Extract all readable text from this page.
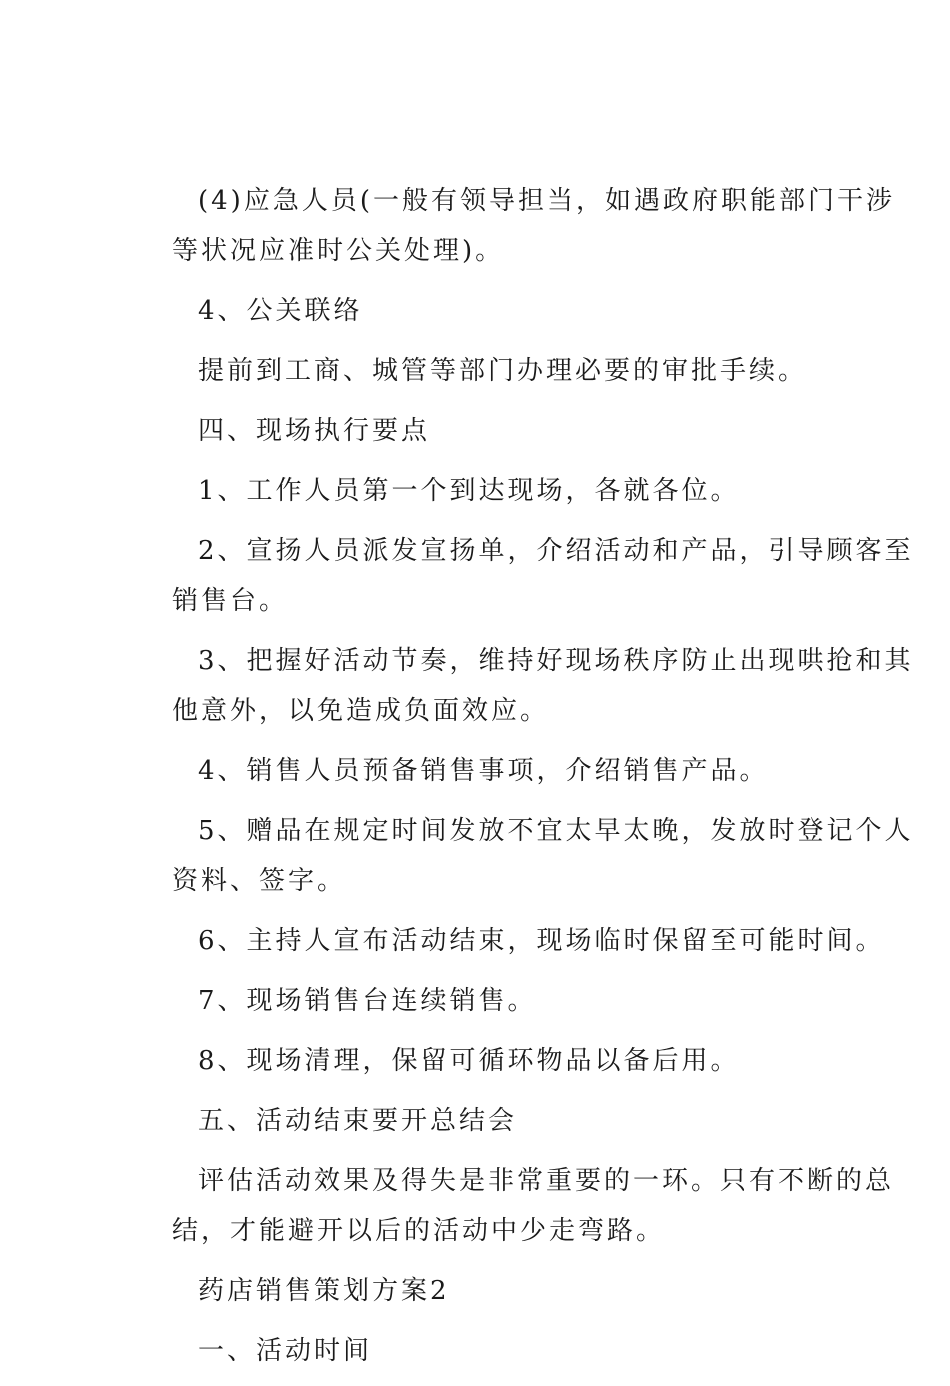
(4)应急人员(一般有领导担当，如遇政府职能部门干涉
等状况应准时公关处理)。
4、公关联络
提前到工商、城管等部门办理必要的审批手续。
四、现场执行要点
1、工作人员第一个到达现场，各就各位。
2、宣扬人员派发宣扬单，介绍活动和产品，引导顾客至
销售台。
3、把握好活动节奏，维持好现场秩序防止出现哄抢和其
他意外，以免造成负面效应。
4、销售人员预备销售事项，介绍销售产品。
5、赠品在规定时间发放不宜太早太晚，发放时登记个人
资料、签字。
6、主持人宣布活动结束，现场临时保留至可能时间。
7、现场销售台连续销售。
8、现场清理，保留可循环物品以备后用。
五、活动结束要开总结会
评估活动效果及得失是非常重要的一环。只有不断的总
结，才能避开以后的活动中少走弯路。
药店销售策划方案2
一、活动时间
